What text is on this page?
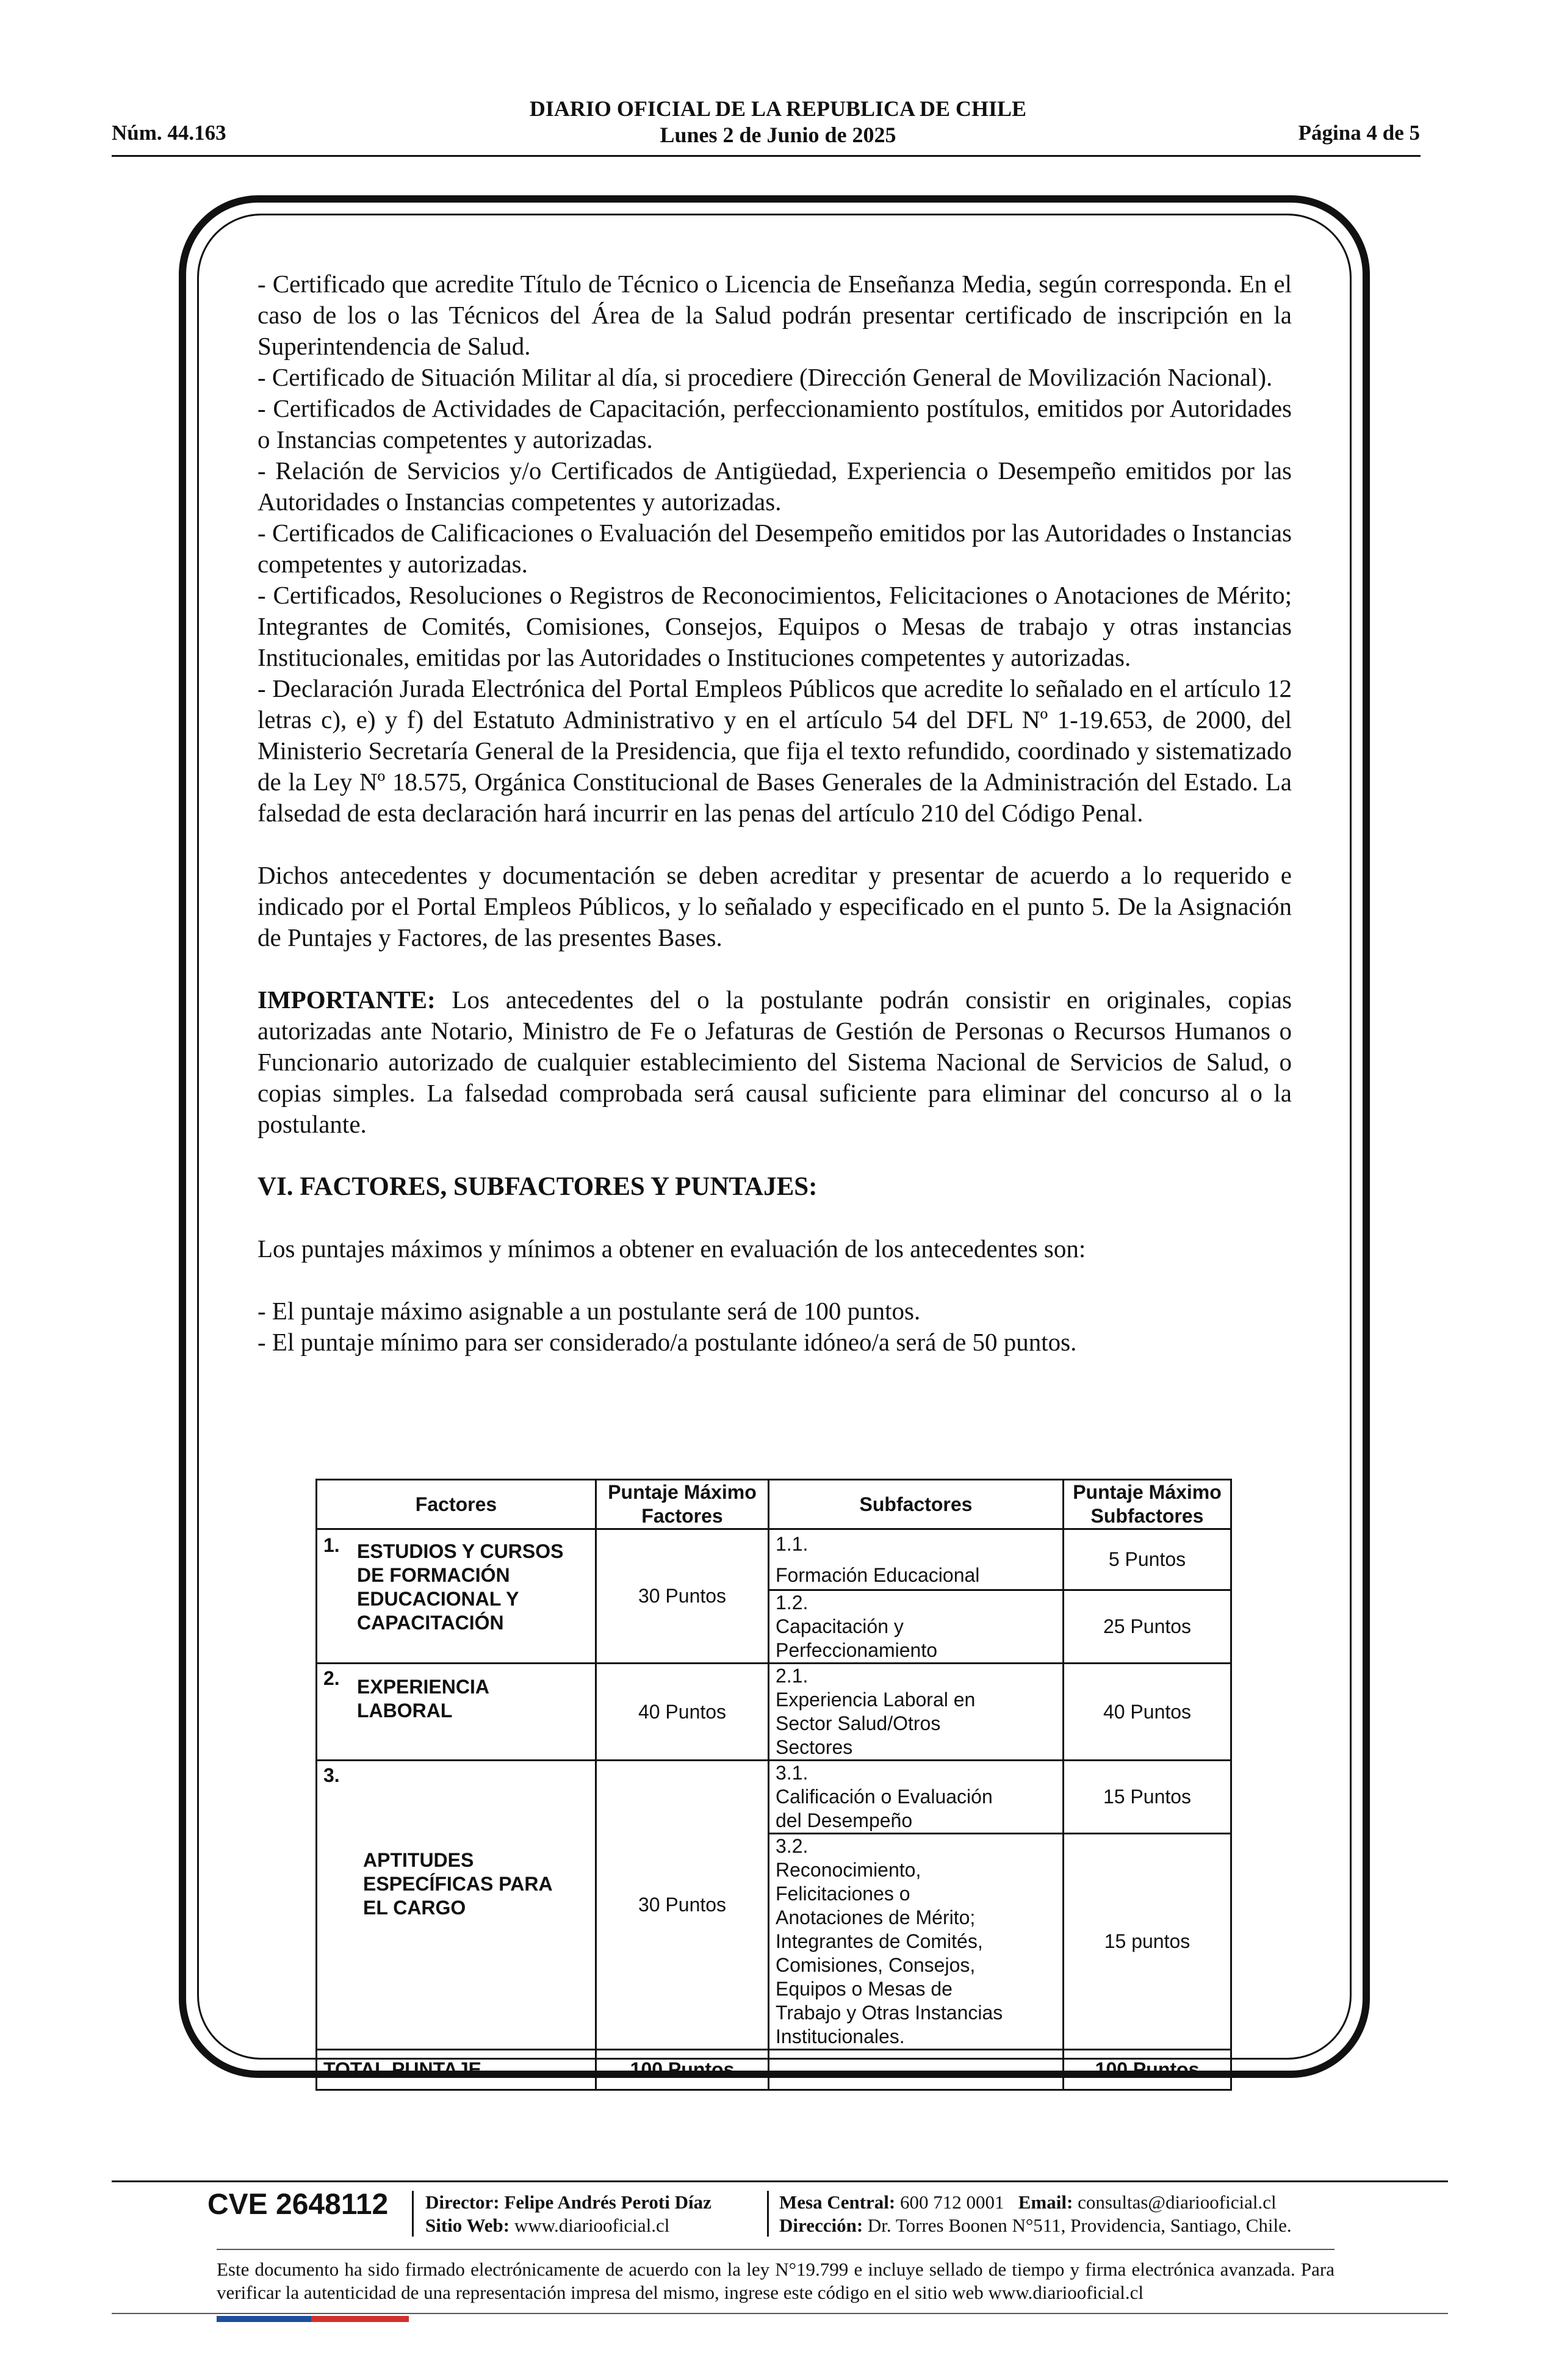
DIARIO OFICIAL DE LA REPUBLICA DE CHILE
Lunes 2 de Junio de 2025
Núm. 44.163	Página 4 de 5

- Certificado que acredite Título de Técnico o Licencia de Enseñanza Media, según corresponda. En el caso de los o las Técnicos del Área de la Salud podrán presentar certificado de inscripción en la Superintendencia de Salud.

- Certificado de Situación Militar al día, si procediere (Dirección General de Movilización Nacional).

- Certificados de Actividades de Capacitación, perfeccionamiento postítulos, emitidos por Autoridades o Instancias competentes y autorizadas.

- Relación de Servicios y/o Certificados de Antigüedad, Experiencia o Desempeño emitidos por las Autoridades o Instancias competentes y autorizadas.

- Certificados de Calificaciones o Evaluación del Desempeño emitidos por las Autoridades o Instancias competentes y autorizadas.

- Certificados, Resoluciones o Registros de Reconocimientos, Felicitaciones o Anotaciones de Mérito; Integrantes de Comités, Comisiones, Consejos, Equipos o Mesas de trabajo y otras instancias Institucionales, emitidas por las Autoridades o Instituciones competentes y autorizadas.

- Declaración Jurada Electrónica del Portal Empleos Públicos que acredite lo señalado en el artículo 12 letras c), e) y f) del Estatuto Administrativo y en el artículo 54 del DFL Nº 1-19.653, de 2000, del Ministerio Secretaría General de la Presidencia, que fija el texto refundido, coordinado y sistematizado de la Ley Nº 18.575, Orgánica Constitucional de Bases Generales de la Administración del Estado. La falsedad de esta declaración hará incurrir en las penas del artículo 210 del Código Penal.

Dichos antecedentes y documentación se deben acreditar y presentar de acuerdo a lo requerido e indicado por el Portal Empleos Públicos, y lo señalado y especificado en el punto 5. De la Asignación de Puntajes y Factores, de las presentes Bases.

IMPORTANTE: Los antecedentes del o la postulante podrán consistir en originales, copias autorizadas ante Notario, Ministro de Fe o Jefaturas de Gestión de Personas o Recursos Humanos o Funcionario autorizado de cualquier establecimiento del Sistema Nacional de Servicios de Salud, o copias simples. La falsedad comprobada será causal suficiente para eliminar del concurso al o la postulante.

VI. FACTORES, SUBFACTORES Y PUNTAJES:

Los puntajes máximos y mínimos a obtener en evaluación de los antecedentes son:

- El puntaje máximo asignable a un postulante será de 100 puntos.

- El puntaje mínimo para ser considerado/a postulante idóneo/a será de 50 puntos.

Factores	Puntaje Máximo Factores	Subfactores	Puntaje Máximo Subfactores
1. ESTUDIOS Y CURSOS DE FORMACIÓN EDUCACIONAL Y CAPACITACIÓN	30 Puntos	1.1.Formación Educacional	5 Puntos
		1.2.Capacitación y Perfeccionamiento	25 Puntos
2. EXPERIENCIA LABORAL	40 Puntos	2.1.Experiencia Laboral en Sector Salud/Otros Sectores	40 Puntos

3.
APTITUDES ESPECÍFICAS PARA EL CARGO	30 Puntos	3.1.Calificación o Evaluación del Desempeño	15 Puntos
		3.2.Reconocimiento, Felicitaciones o Anotaciones de Mérito; Integrantes de Comités, Comisiones, Consejos, Equipos o Mesas de Trabajo y Otras Instancias Institucionales.	15 puntos
TOTAL PUNTAJE	100 Puntos		100 Puntos
CVE 2648112 Director: Felipe Andrés Peroti Díaz
Sitio Web: www.diariooficial.cl
Mesa Central: 600 712 0001 Email: consultas@diariooficial.cl
Dirección: Dr. Torres Boonen N°511, Providencia, Santiago, Chile.
Este documento ha sido firmado electrónicamente de acuerdo con la ley N°19.799 e incluye sellado de tiempo y firma electrónica avanzada. Para verificar la autenticidad de una representación impresa del mismo, ingrese este código en el sitio web www.diariooficial.cl
